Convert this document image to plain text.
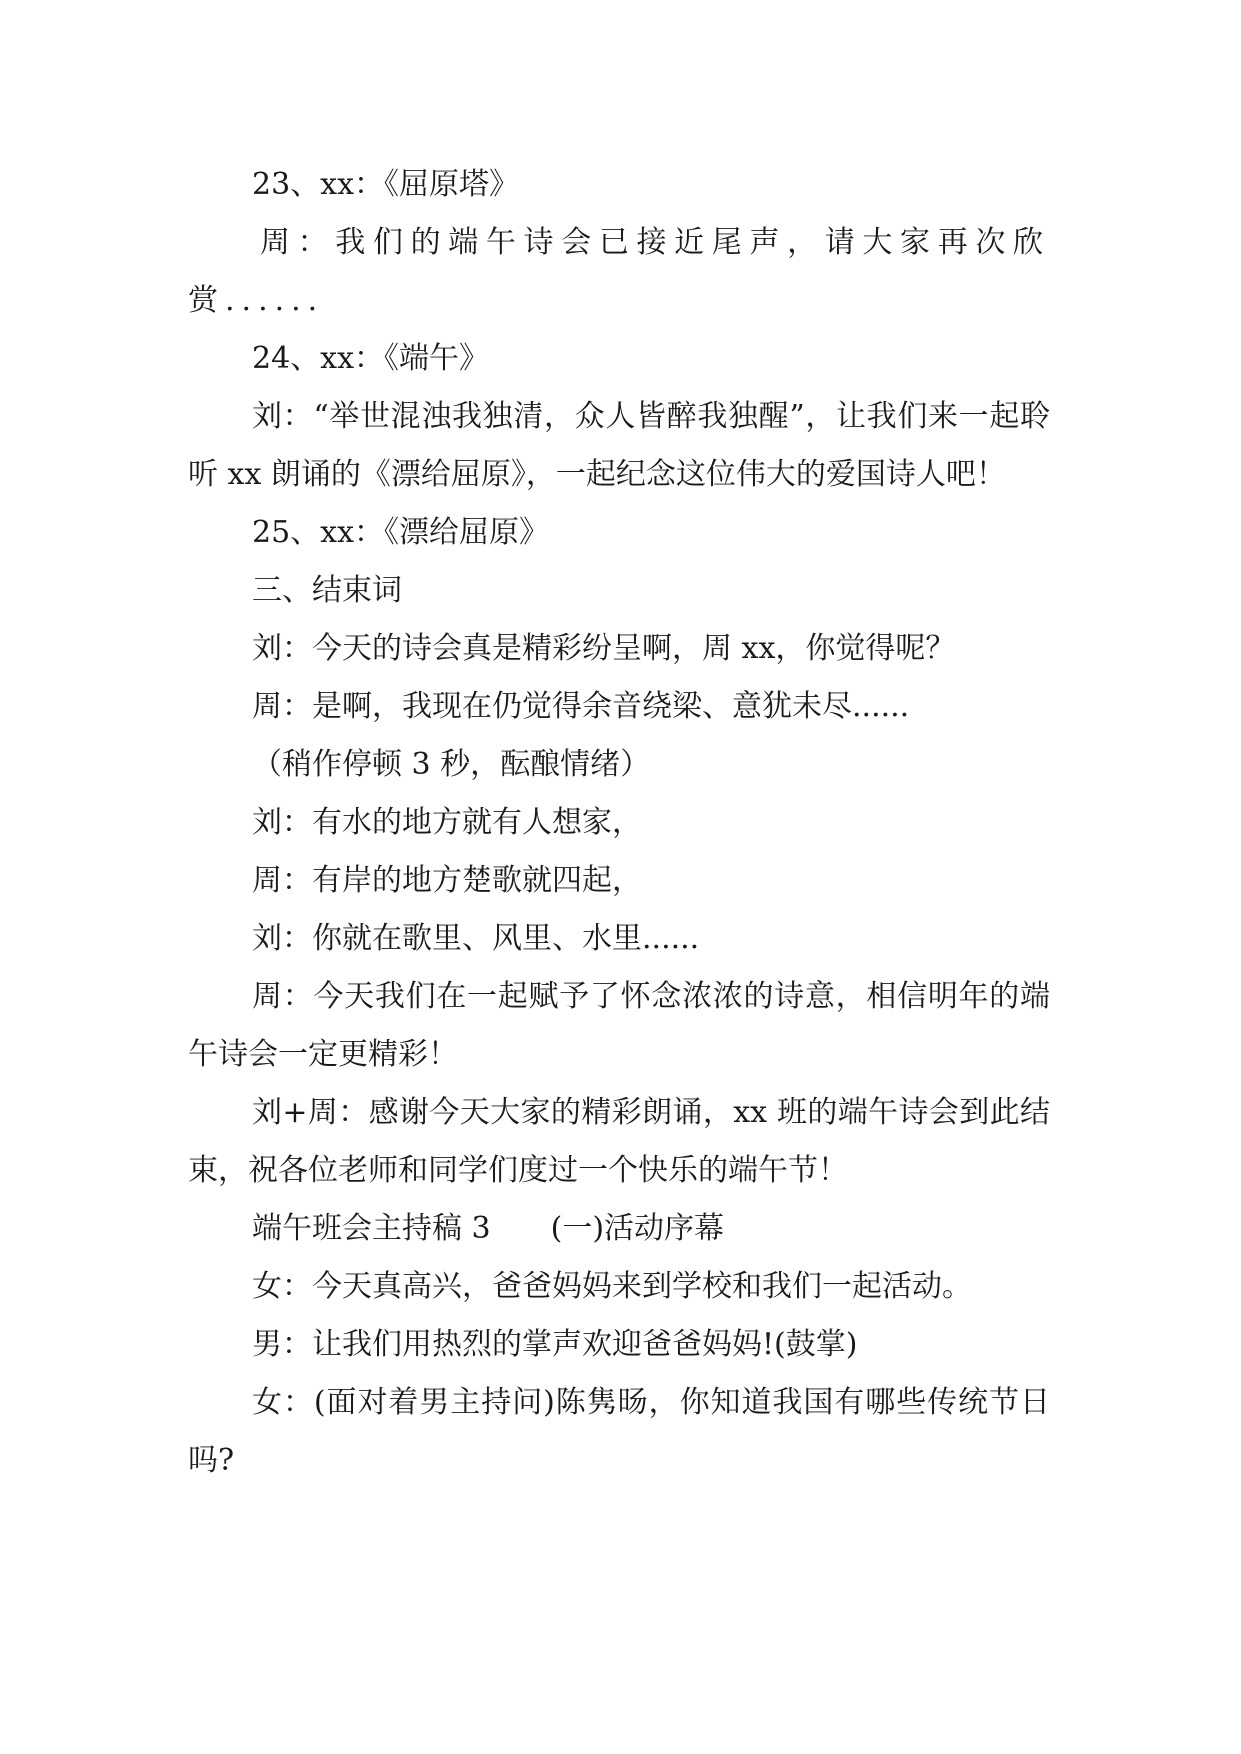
23、xx：《屈原塔》

周：我们的端午诗会已接近尾声，请大家再次欣赏......

24、xx：《端午》

刘：“举世混浊我独清，众人皆醉我独醒”，让我们来一起聆听 xx 朗诵的《漂给屈原》，一起纪念这位伟大的爱国诗人吧！

25、xx：《漂给屈原》

三、结束词

刘：今天的诗会真是精彩纷呈啊，周 xx，你觉得呢？

周：是啊，我现在仍觉得余音绕梁、意犹未尽......

（稍作停顿 3 秒，酝酿情绪）

刘：有水的地方就有人想家，

周：有岸的地方楚歌就四起，

刘：你就在歌里、风里、水里......

周：今天我们在一起赋予了怀念浓浓的诗意，相信明年的端午诗会一定更精彩！

刘+周：感谢今天大家的精彩朗诵，xx 班的端午诗会到此结束，祝各位老师和同学们度过一个快乐的端午节！

端午班会主持稿 3　　(一)活动序幕

女：今天真高兴，爸爸妈妈来到学校和我们一起活动。

男：让我们用热烈的掌声欢迎爸爸妈妈!(鼓掌)

女：(面对着男主持问)陈隽旸，你知道我国有哪些传统节日吗?
